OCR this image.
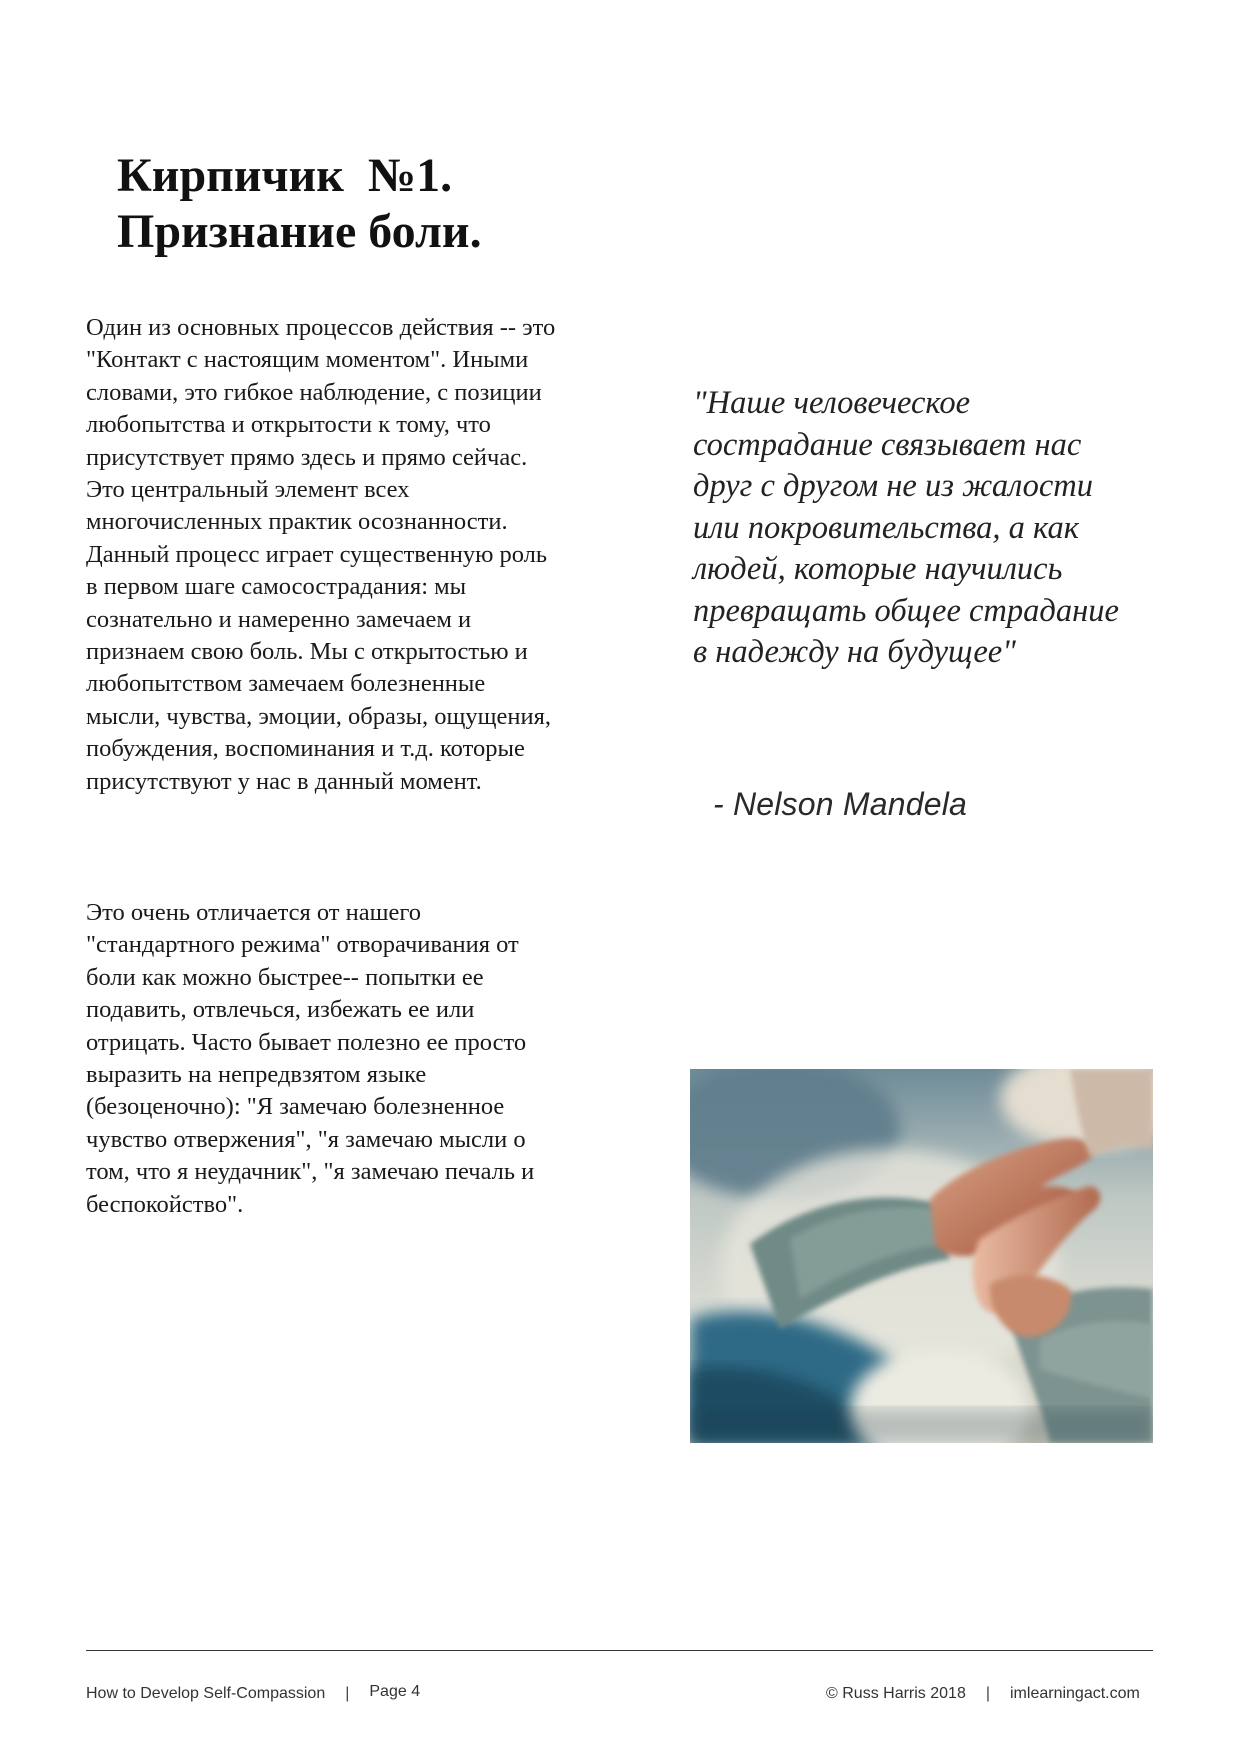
Кирпичик  №1.
Признание боли.
Один из основных процессов действия -- это
"Контакт с настоящим моментом". Иными
словами, это гибкое наблюдение, с позиции
любопытства и открытости к тому, что
присутствует прямо здесь и прямо сейчас.
Это центральный элемент всех
многочисленных практик осознанности.
Данный процесс играет существенную роль
в первом шаге самосострадания: мы
сознательно и намеренно замечаем и
признаем свою боль. Мы с открытостью и
любопытством замечаем болезненные
мысли, чувства, эмоции, образы, ощущения,
побуждения, воспоминания и т.д. которые
присутствуют у нас в данный момент.
Это очень отличается от нашего
"стандартного режима" отворачивания от
боли как можно быстрее-- попытки ее
подавить, отвлечься, избежать ее или
отрицать. Часто бывает полезно ее просто
выразить на непредвзятом языке
(безоценочно): "Я замечаю болезненное
чувство отвержения", "я замечаю мысли о
том, что я неудачник", "я замечаю печаль и
беспокойство".
"Наше человеческое
сострадание связывает нас
друг с другом не из жалости
или покровительства, а как
людей, которые научились
превращать общее страдание
в надежду на будущее"
- Nelson Mandela
How to Develop Self-Compassion | Page 4	© Russ Harris 2018 | imlearningact.com
